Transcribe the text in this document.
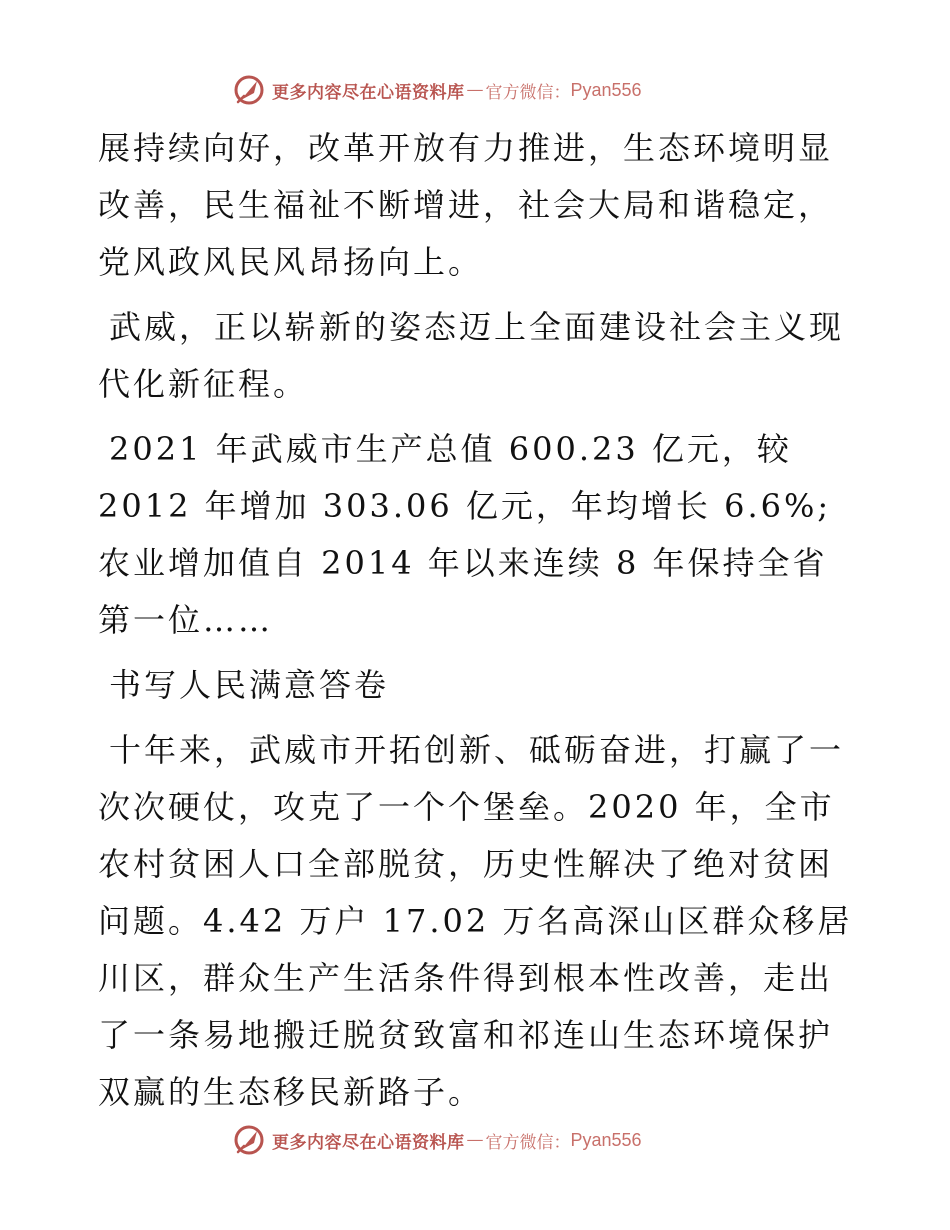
更多内容尽在心语资料库 — 官方微信： Pyan556

展持续向好，改革开放有力推进，生态环境明显改善，民生福祉不断增进，社会大局和谐稳定，党风政风民风昂扬向上。

武威，正以崭新的姿态迈上全面建设社会主义现代化新征程。

2021 年武威市生产总值 600.23 亿元，较 2012 年增加 303.06 亿元，年均增长 6.6%; 农业增加值自 2014 年以来连续 8 年保持全省第一位……

书写人民满意答卷

十年来，武威市开拓创新、砥砺奋进，打赢了一次次硬仗，攻克了一个个堡垒。2020 年，全市农村贫困人口全部脱贫，历史性解决了绝对贫困问题。4.42 万户 17.02 万名高深山区群众移居川区，群众生产生活条件得到根本性改善，走出了一条易地搬迁脱贫致富和祁连山生态环境保护双赢的生态移民新路子。

更多内容尽在心语资料库 — 官方微信： Pyan556
